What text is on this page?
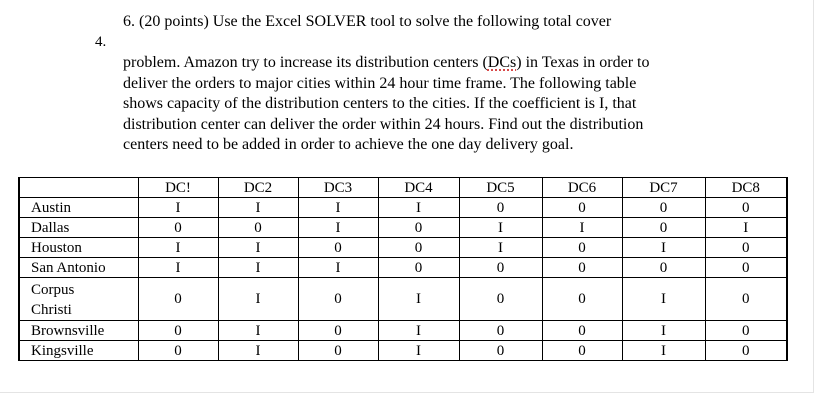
4.
6. (20 points) Use the Excel SOLVER tool to solve the following total cover
problem. Amazon try to increase its distribution centers (DCs) in Texas in order to
deliver the orders to major cities within 24 hour time frame. The following table
shows capacity of the distribution centers to the cities. If the coefficient is I, that
distribution center can deliver the order within 24 hours. Find out the distribution
centers need to be added in order to achieve the one day delivery goal.
	DC!	DC2	DC3	DC4	DC5	DC6	DC7	DC8
Austin	I	I	I	I	0	0	0	0
Dallas	0	0	I	0	I	I	0	I
Houston	I	I	0	0	I	0	I	0
San Antonio	I	I	I	0	0	0	0	0

Corpus
Christi	0	I	0	I	0	0	I	0
Brownsville	0	I	0	I	0	0	I	0
Kingsville	0	I	0	I	0	0	I	0
